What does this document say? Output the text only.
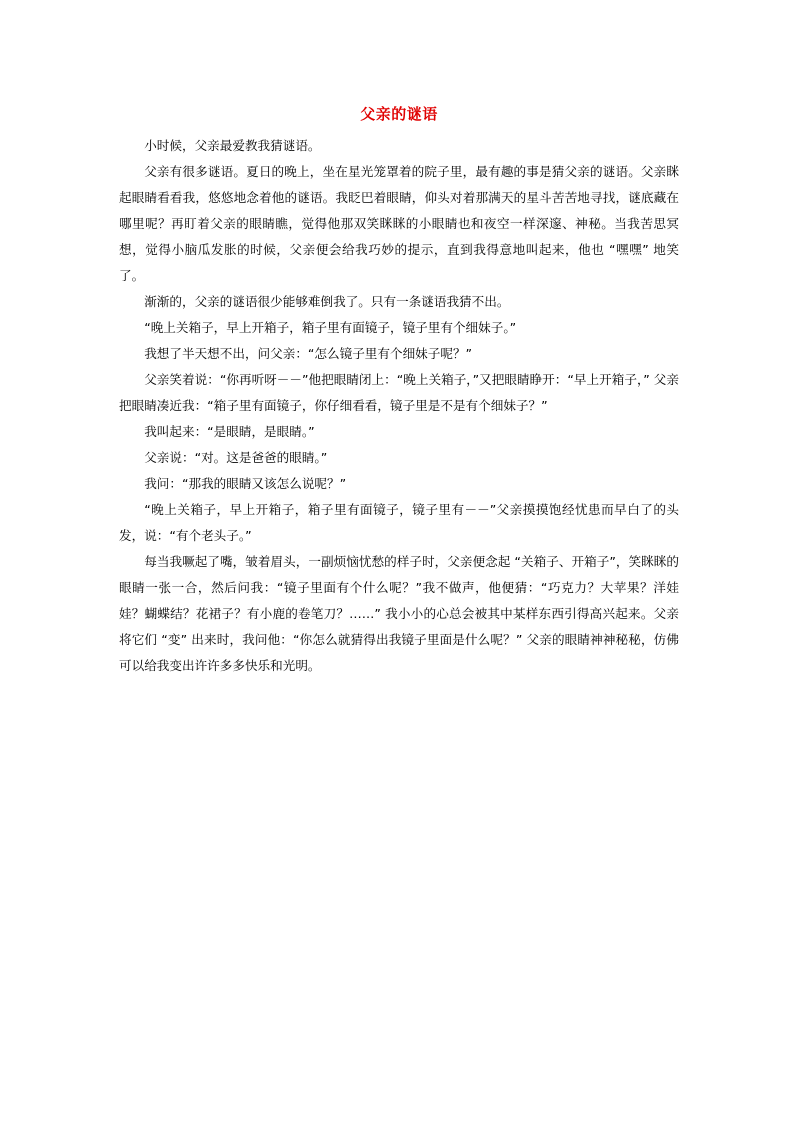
父亲的谜语

小时候，父亲最爱教我猜谜语。

父亲有很多谜语。夏日的晚上，坐在星光笼罩着的院子里，最有趣的事是猜父亲的谜语。父亲眯起眼睛看看我，悠悠地念着他的谜语。我眨巴着眼睛，仰头对着那满天的星斗苦苦地寻找，谜底藏在哪里呢？再盯着父亲的眼睛瞧，觉得他那双笑眯眯的小眼睛也和夜空一样深邃、神秘。当我苦思冥想，觉得小脑瓜发胀的时候，父亲便会给我巧妙的提示，直到我得意地叫起来，他也 “嘿嘿” 地笑了。

渐渐的，父亲的谜语很少能够难倒我了。只有一条谜语我猜不出。

“晚上关箱子，早上开箱子，箱子里有面镜子，镜子里有个细妹子。”

我想了半天想不出，问父亲：“怎么镜子里有个细妹子呢？”

父亲笑着说：“你再听呀－－”他把眼睛闭上：“晚上关箱子，”又把眼睛睁开：“早上开箱子，” 父亲把眼睛凑近我：“箱子里有面镜子，你仔细看看，镜子里是不是有个细妹子？”

我叫起来：“是眼睛，是眼睛。”

父亲说：“对。这是爸爸的眼睛。”

我问：“那我的眼睛又该怎么说呢？”

“晚上关箱子，早上开箱子，箱子里有面镜子，镜子里有－－”父亲摸摸饱经忧患而早白了的头发，说：“有个老头子。”

每当我噘起了嘴，皱着眉头，一副烦恼忧愁的样子时，父亲便念起 “关箱子、开箱子”，笑眯眯的眼睛一张一合，然后问我：“镜子里面有个什么呢？”我不做声，他便猜：“巧克力？大苹果？洋娃娃？蝴蝶结？花裙子？有小鹿的卷笔刀？……” 我小小的心总会被其中某样东西引得高兴起来。父亲将它们 “变” 出来时，我问他：“你怎么就猜得出我镜子里面是什么呢？” 父亲的眼睛神神秘秘，仿佛可以给我变出许许多多快乐和光明。
